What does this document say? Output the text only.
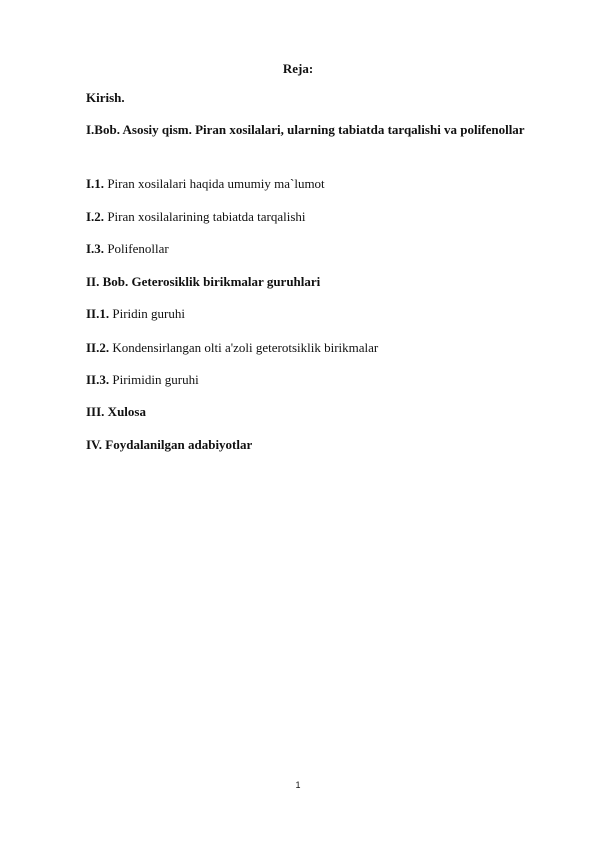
Reja:
Kirish.
I.Bob. Asosiy qism. Piran xosilalari, ularning tabiatda tarqalishi va polifenollar
I.1. Piran xosilalari haqida umumiy ma`lumot
I.2. Piran xosilalarining tabiatda tarqalishi
I.3. Polifenollar
II. Bob. Geterosiklik birikmalar guruhlari
II.1. Piridin guruhi
II.2. Kondensirlangan olti a'zoli geterotsiklik birikmalar
II.3. Pirimidin guruhi
III. Xulosa
IV. Foydalanilgan adabiyotlar
1
